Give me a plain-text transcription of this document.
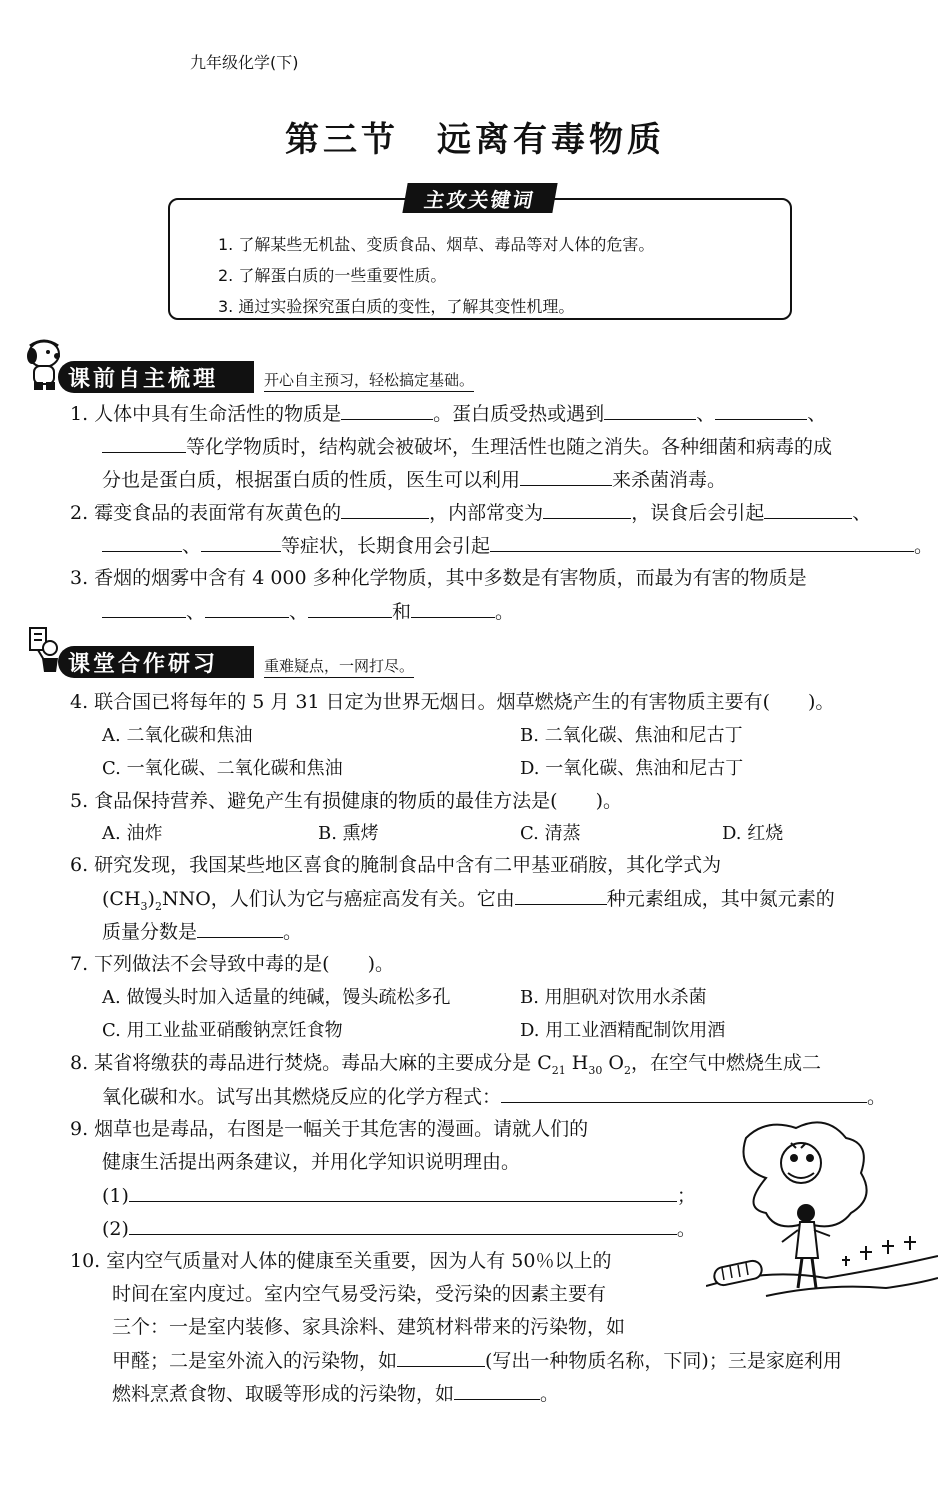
九年级化学(下)
第三节　远离有毒物质
主攻关键词
1. 了解某些无机盐、变质食品、烟草、毒品等对人体的危害。
2. 了解蛋白质的一些重要性质。
3. 通过实验探究蛋白质的变性，了解其变性机理。
课前自主梳理	开心自主预习，轻松搞定基础。
1. 人体中具有生命活性的物质是	。蛋白质受热或遇到	、	、
等化学物质时，结构就会被破坏，生理活性也随之消失。各种细菌和病毒的成
分也是蛋白质，根据蛋白质的性质，医生可以利用	来杀菌消毒。
2. 霉变食品的表面常有灰黄色的	，内部常变为	，误食后会引起	、
、	等症状，长期食用会引起	。
3. 香烟的烟雾中含有 4 000 多种化学物质，其中多数是有害物质，而最为有害的物质是
、	、	和	。
课堂合作研习	重难疑点，一网打尽。
4. 联合国已将每年的 5 月 31 日定为世界无烟日。烟草燃烧产生的有害物质主要有(　　)。
A. 二氧化碳和焦油	B. 二氧化碳、焦油和尼古丁
C. 一氧化碳、二氧化碳和焦油	D. 一氧化碳、焦油和尼古丁
5. 食品保持营养、避免产生有损健康的物质的最佳方法是(　　)。
A. 油炸	B. 熏烤	C. 清蒸	D. 红烧
6. 研究发现，我国某些地区喜食的腌制食品中含有二甲基亚硝胺，其化学式为
$(CH_3)_2NNO$，人们认为它与癌症高发有关。它由	种元素组成，其中氮元素的
质量分数是	。
7. 下列做法不会导致中毒的是(　　)。
A. 做馒头时加入适量的纯碱，馒头疏松多孔	B. 用胆矾对饮用水杀菌
C. 用工业盐亚硝酸钠烹饪食物	D. 用工业酒精配制饮用酒
8. 某省将缴获的毒品进行焚烧。毒品大麻的主要成分是 $C_{21}$ $H_{30}$ $O_2$，在空气中燃烧生成二
氧化碳和水。试写出其燃烧反应的化学方程式：	。
9. 烟草也是毒品，右图是一幅关于其危害的漫画。请就人们的
健康生活提出两条建议，并用化学知识说明理由。
(1)	；
(2)	。
10. 室内空气质量对人体的健康至关重要，因为人有 50％以上的
时间在室内度过。室内空气易受污染，受污染的因素主要有
三个：一是室内装修、家具涂料、建筑材料带来的污染物，如
甲醛；二是室外流入的污染物，如	(写出一种物质名称，下同)；三是家庭利用
燃料烹煮食物、取暖等形成的污染物，如	。
